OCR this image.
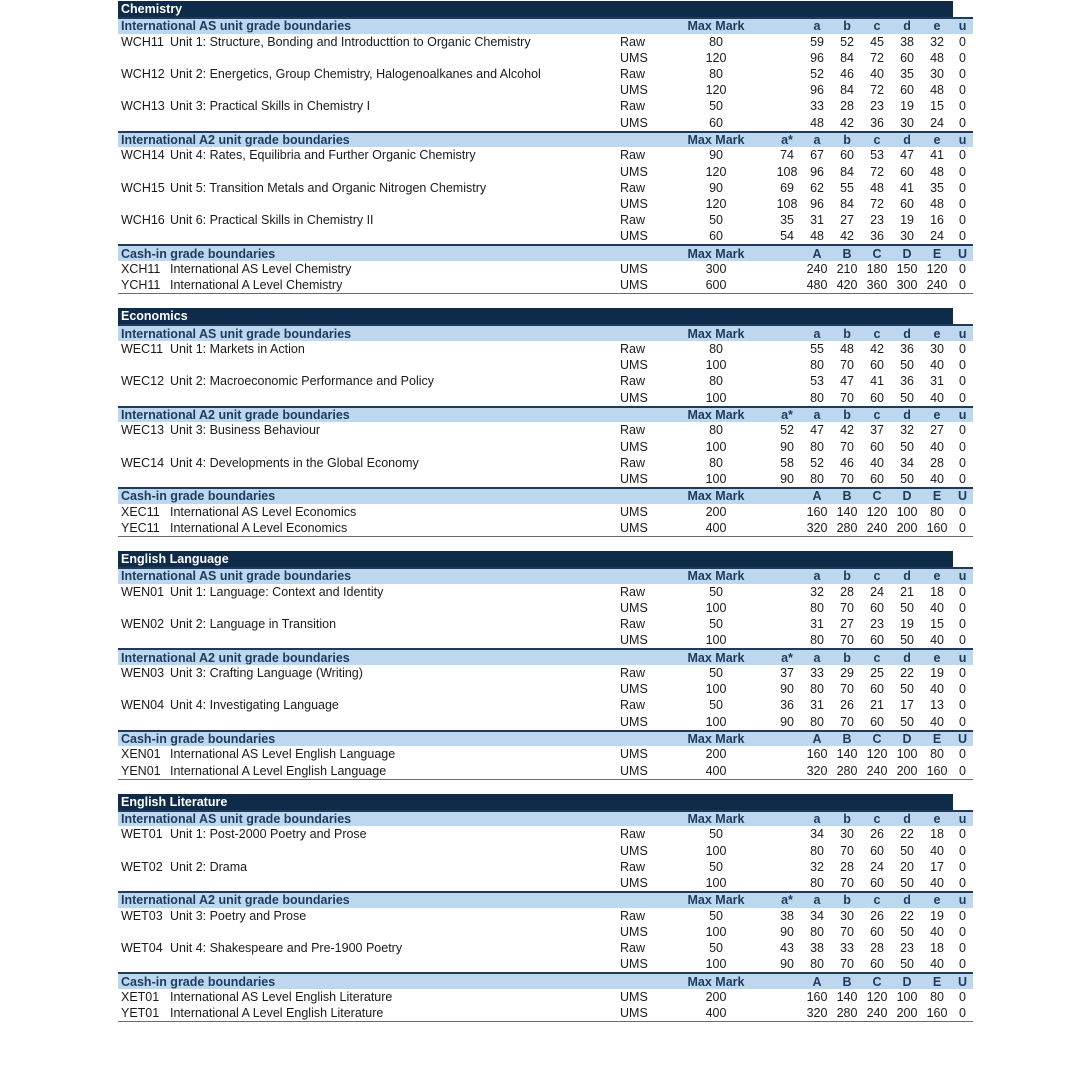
Chemistry
International AS unit grade boundaries			Max Mark		a	b	c	d	e	u
WCH11	Unit 1: Structure, Bonding and Introducttion to Organic Chemistry	Raw	80		59	52	45	38	32	0
		UMS	120		96	84	72	60	48	0
WCH12	Unit 2: Energetics, Group Chemistry, Halogenoalkanes and Alcohol	Raw	80		52	46	40	35	30	0
		UMS	120		96	84	72	60	48	0
WCH13	Unit 3: Practical Skills in Chemistry I	Raw	50		33	28	23	19	15	0
		UMS	60		48	42	36	30	24	0
International A2 unit grade boundaries			Max Mark	a*	a	b	c	d	e	u
WCH14	Unit 4: Rates, Equilibria and Further Organic Chemistry	Raw	90	74	67	60	53	47	41	0
		UMS	120	108	96	84	72	60	48	0
WCH15	Unit 5: Transition Metals and Organic Nitrogen Chemistry	Raw	90	69	62	55	48	41	35	0
		UMS	120	108	96	84	72	60	48	0
WCH16	Unit 6: Practical Skills in Chemistry II	Raw	50	35	31	27	23	19	16	0
		UMS	60	54	48	42	36	30	24	0
Cash-in grade boundaries			Max Mark		A	B	C	D	E	U
XCH11	International AS Level Chemistry	UMS	300		240	210	180	150	120	0
YCH11	International A Level Chemistry	UMS	600		480	420	360	300	240	0
Economics
International AS unit grade boundaries			Max Mark		a	b	c	d	e	u
WEC11	Unit 1: Markets in Action	Raw	80		55	48	42	36	30	0
		UMS	100		80	70	60	50	40	0
WEC12	Unit 2: Macroeconomic Performance and Policy	Raw	80		53	47	41	36	31	0
		UMS	100		80	70	60	50	40	0
International A2 unit grade boundaries			Max Mark	a*	a	b	c	d	e	u
WEC13	Unit 3: Business Behaviour	Raw	80	52	47	42	37	32	27	0
		UMS	100	90	80	70	60	50	40	0
WEC14	Unit 4: Developments in the Global Economy	Raw	80	58	52	46	40	34	28	0
		UMS	100	90	80	70	60	50	40	0
Cash-in grade boundaries			Max Mark		A	B	C	D	E	U
XEC11	International AS Level Economics	UMS	200		160	140	120	100	80	0
YEC11	International A Level Economics	UMS	400		320	280	240	200	160	0
English Language
International AS unit grade boundaries			Max Mark		a	b	c	d	e	u
WEN01	Unit 1: Language: Context and Identity	Raw	50		32	28	24	21	18	0
		UMS	100		80	70	60	50	40	0
WEN02	Unit 2: Language in Transition	Raw	50		31	27	23	19	15	0
		UMS	100		80	70	60	50	40	0
International A2 unit grade boundaries			Max Mark	a*	a	b	c	d	e	u
WEN03	Unit 3: Crafting Language (Writing)	Raw	50	37	33	29	25	22	19	0
		UMS	100	90	80	70	60	50	40	0
WEN04	Unit 4: Investigating Language	Raw	50	36	31	26	21	17	13	0
		UMS	100	90	80	70	60	50	40	0
Cash-in grade boundaries			Max Mark		A	B	C	D	E	U
XEN01	International AS Level English Language	UMS	200		160	140	120	100	80	0
YEN01	International A Level English Language	UMS	400		320	280	240	200	160	0
English Literature
International AS unit grade boundaries			Max Mark		a	b	c	d	e	u
WET01	Unit 1: Post-2000 Poetry and Prose	Raw	50		34	30	26	22	18	0
		UMS	100		80	70	60	50	40	0
WET02	Unit 2: Drama	Raw	50		32	28	24	20	17	0
		UMS	100		80	70	60	50	40	0
International A2 unit grade boundaries			Max Mark	a*	a	b	c	d	e	u
WET03	Unit 3: Poetry and Prose	Raw	50	38	34	30	26	22	19	0
		UMS	100	90	80	70	60	50	40	0
WET04	Unit 4: Shakespeare and Pre-1900 Poetry	Raw	50	43	38	33	28	23	18	0
		UMS	100	90	80	70	60	50	40	0
Cash-in grade boundaries			Max Mark		A	B	C	D	E	U
XET01	International AS Level English Literature	UMS	200		160	140	120	100	80	0
YET01	International A Level English Literature	UMS	400		320	280	240	200	160	0
